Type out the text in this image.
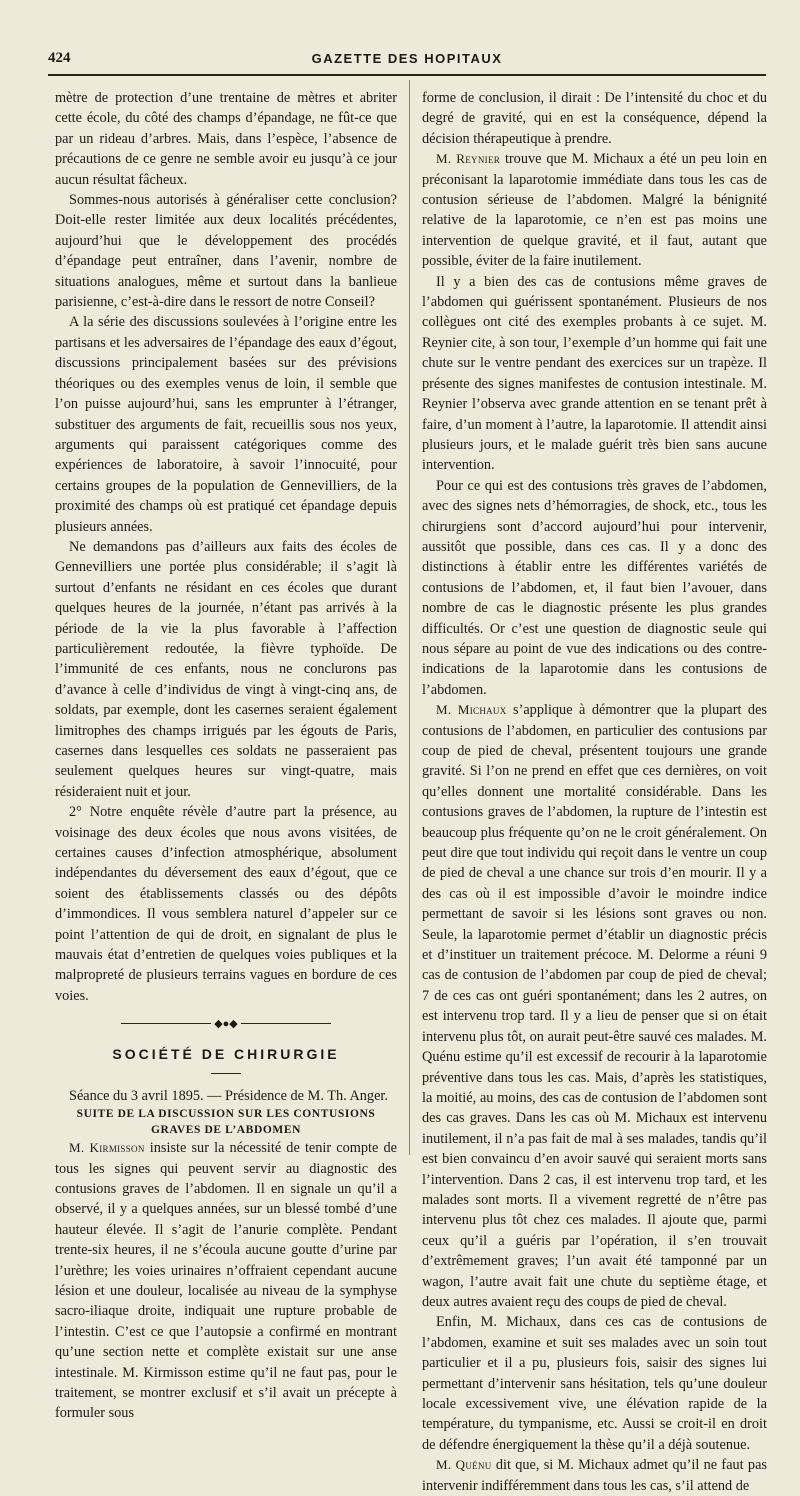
424	GAZETTE DES HOPITAUX

mètre de protection d’une trentaine de mètres et abriter cette école, du côté des champs d’épandage, ne fût-ce que par un rideau d’arbres. Mais, dans l’espèce, l’absence de précautions de ce genre ne semble avoir eu jusqu’à ce jour aucun résultat fâcheux.

Sommes-nous autorisés à généraliser cette conclusion? Doit-elle rester limitée aux deux localités précédentes, aujourd’hui que le développement des procédés d’épandage peut entraîner, dans l’avenir, nombre de situations analogues, même et surtout dans la banlieue parisienne, c’est-à-dire dans le ressort de notre Conseil?

A la série des discussions soulevées à l’origine entre les partisans et les adversaires de l’épandage des eaux d’égout, discussions principalement basées sur des prévisions théoriques ou des exemples venus de loin, il semble que l’on puisse aujourd’hui, sans les emprunter à l’étranger, substituer des arguments de fait, recueillis sous nos yeux, arguments qui paraissent catégoriques comme des expériences de laboratoire, à savoir l’innocuité, pour certains groupes de la population de Gennevilliers, de la proximité des champs où est pratiqué cet épandage depuis plusieurs années.

Ne demandons pas d’ailleurs aux faits des écoles de Gennevilliers une portée plus considérable; il s’agit là surtout d’enfants ne résidant en ces écoles que durant quelques heures de la journée, n’étant pas arrivés à la période de la vie la plus favorable à l’affection particulièrement redoutée, la fièvre typhoïde. De l’immunité de ces enfants, nous ne conclurons pas d’avance à celle d’individus de vingt à vingt-cinq ans, de soldats, par exemple, dont les casernes seraient également limitrophes des champs irrigués par les égouts de Paris, casernes dans lesquelles ces soldats ne passeraient pas seulement quelques heures sur vingt-quatre, mais résideraient nuit et jour.

2° Notre enquête révèle d’autre part la présence, au voisinage des deux écoles que nous avons visitées, de certaines causes d’infection atmosphérique, absolument indépendantes du déversement des eaux d’égout, que ce soient des établissements classés ou des dépôts d’immondices. Il vous semblera naturel d’appeler sur ce point l’attention de qui de droit, en signalant de plus le mauvais état d’entretien de quelques voies publiques et la malpropreté de plusieurs terrains vagues en bordure de ces voies.

◆●◆
SOCIÉTÉ DE CHIRURGIE

Séance du 3 avril 1895. — Présidence de M. Th. Anger.

SUITE DE LA DISCUSSION SUR LES CONTUSIONS GRAVES DE L’ABDOMEN

M. Kirmisson insiste sur la nécessité de tenir compte de tous les signes qui peuvent servir au diagnostic des contusions graves de l’abdomen. Il en signale un qu’il a observé, il y a quelques années, sur un blessé tombé d’une hauteur élevée. Il s’agit de l’anurie complète. Pendant trente-six heures, il ne s’écoula aucune goutte d’urine par l’urèthre; les voies urinaires n’offraient cependant aucune lésion et une douleur, localisée au niveau de la symphyse sacro-iliaque droite, indiquait une rupture probable de l’intestin. C’est ce que l’autopsie a confirmé en montrant qu’une section nette et complète existait sur une anse intestinale. M. Kirmisson estime qu’il ne faut pas, pour le traitement, se montrer exclusif et s’il avait un précepte à formuler sous

forme de conclusion, il dirait : De l’intensité du choc et du degré de gravité, qui en est la conséquence, dépend la décision thérapeutique à prendre.

M. Reynier trouve que M. Michaux a été un peu loin en préconisant la laparotomie immédiate dans tous les cas de contusion sérieuse de l’abdomen. Malgré la bénignité relative de la laparotomie, ce n’en est pas moins une intervention de quelque gravité, et il faut, autant que possible, éviter de la faire inutilement.

Il y a bien des cas de contusions même graves de l’abdomen qui guérissent spontanément. Plusieurs de nos collègues ont cité des exemples probants à ce sujet. M. Reynier cite, à son tour, l’exemple d’un homme qui fait une chute sur le ventre pendant des exercices sur un trapèze. Il présente des signes manifestes de contusion intestinale. M. Reynier l’observa avec grande attention en se tenant prêt à faire, d’un moment à l’autre, la laparotomie. Il attendit ainsi plusieurs jours, et le malade guérit très bien sans aucune intervention.

Pour ce qui est des contusions très graves de l’abdomen, avec des signes nets d’hémorragies, de shock, etc., tous les chirurgiens sont d’accord aujourd’hui pour intervenir, aussitôt que possible, dans ces cas. Il y a donc des distinctions à établir entre les différentes variétés de contusions de l’abdomen, et, il faut bien l’avouer, dans nombre de cas le diagnostic présente les plus grandes difficultés. Or c’est une question de diagnostic seule qui nous sépare au point de vue des indications ou des contre-indications de la laparotomie dans les contusions de l’abdomen.

M. Michaux s’applique à démontrer que la plupart des contusions de l’abdomen, en particulier des contusions par coup de pied de cheval, présentent toujours une grande gravité. Si l’on ne prend en effet que ces dernières, on voit qu’elles donnent une mortalité considérable. Dans les contusions graves de l’abdomen, la rupture de l’intestin est beaucoup plus fréquente qu’on ne le croit généralement. On peut dire que tout individu qui reçoit dans le ventre un coup de pied de cheval a une chance sur trois d’en mourir. Il y a des cas où il est impossible d’avoir le moindre indice permettant de savoir si les lésions sont graves ou non. Seule, la laparotomie permet d’établir un diagnostic précis et d’instituer un traitement précoce. M. Delorme a réuni 9 cas de contusion de l’abdomen par coup de pied de cheval; 7 de ces cas ont guéri spontanément; dans les 2 autres, on est intervenu trop tard. Il y a lieu de penser que si on était intervenu plus tôt, on aurait peut-être sauvé ces malades. M. Quénu estime qu’il est excessif de recourir à la laparotomie préventive dans tous les cas. Mais, d’après les statistiques, la moitié, au moins, des cas de contusion de l’abdomen sont des cas graves. Dans les cas où M. Michaux est intervenu inutilement, il n’a pas fait de mal à ses malades, tandis qu’il est bien convaincu d’en avoir sauvé qui seraient morts sans l’intervention. Dans 2 cas, il est intervenu trop tard, et les malades sont morts. Il a vivement regretté de n’être pas intervenu plus tôt chez ces malades. Il ajoute que, parmi ceux qu’il a guéris par l’opération, il s’en trouvait d’extrêmement graves; l’un avait été tamponné par un wagon, l’autre avait fait une chute du septième étage, et deux autres avaient reçu des coups de pied de cheval.

Enfin, M. Michaux, dans ces cas de contusions de l’abdomen, examine et suit ses malades avec un soin tout particulier et il a pu, plusieurs fois, saisir des signes lui permettant d’intervenir sans hésitation, tels qu’une douleur locale excessivement vive, une élévation rapide de la température, du tympanisme, etc. Aussi se croit-il en droit de défendre énergiquement la thèse qu’il a déjà soutenue.

M. Quénu dit que, si M. Michaux admet qu’il ne faut pas intervenir indifféremment dans tous les cas, s’il attend de
